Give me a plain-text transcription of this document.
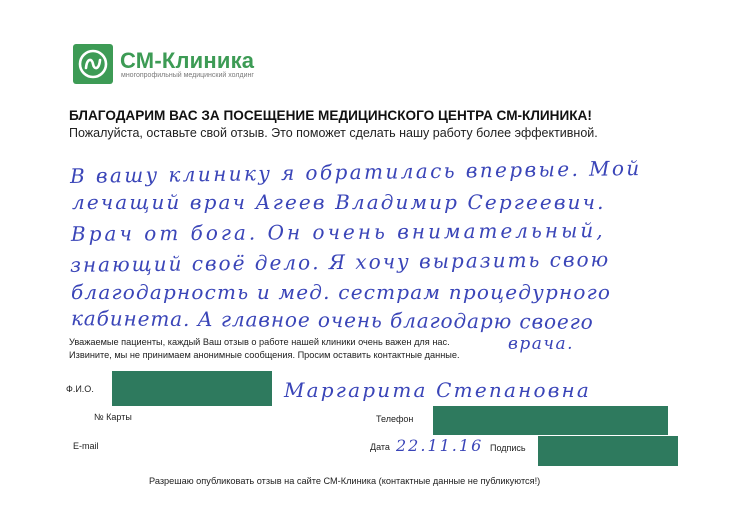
СМ-Клиника
многопрофильный медицинский холдинг
БЛАГОДАРИМ ВАС ЗА ПОСЕЩЕНИЕ МЕДИЦИНСКОГО ЦЕНТРА СМ-КЛИНИКА!
Пожалуйста, оставьте свой отзыв. Это поможет сделать нашу работу более эффективной.
В вашу клинику я обратилась впервые. Мой
лечащий врач Агеев Владимир Сергеевич.
Врач от бога. Он очень внимательный,
знающий своё дело. Я хочу выразить свою
благодарность и мед. сестрам процедурного
кабинета. А главное очень благодарю своего
врача.
Уважаемые пациенты, каждый Ваш отзыв о работе нашей клиники очень важен для нас.
Извините, мы не принимаем анонимные сообщения. Просим оставить контактные данные.
Ф.И.О.	Маргарита Степановна
№ Карты	Телефон
E-mail	Дата 22.11.16 Подпись
Разрешаю опубликовать отзыв на сайте СМ-Клиника (контактные данные не публикуются!)
